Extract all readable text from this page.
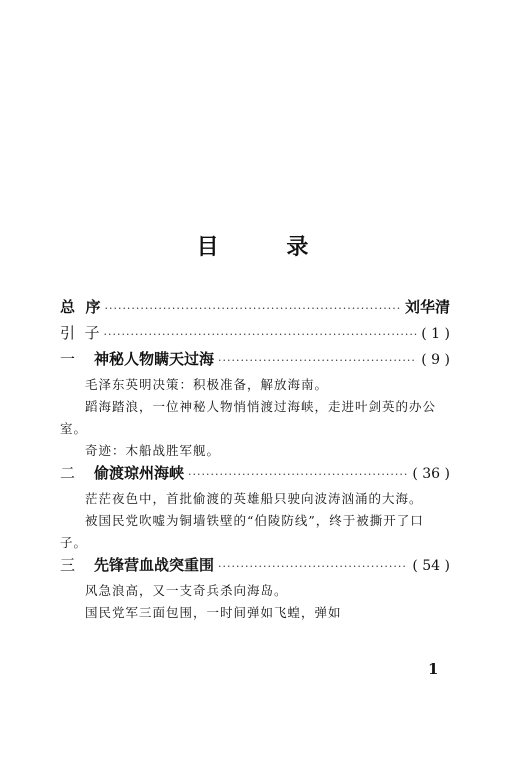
目 录
总  序 ·····	刘华清
引  子 ·····	( 1 )
一	神秘人物瞒天过海 ·····	( 9 )

毛泽东英明决策：积极准备，解放海南。

蹈海踏浪，一位神秘人物悄悄渡过海峡，走进叶剑英的办公室。

奇迹：木船战胜军舰。

二	偷渡琼州海峡 ·····	( 36 )

茫茫夜色中，首批偷渡的英雄船只驶向波涛汹涌的大海。

被国民党吹嘘为铜墙铁壁的“伯陵防线”，终于被撕开了口子。

三	先锋营血战突重围 ·····	( 54 )

风急浪高，又一支奇兵杀向海岛。

国民党军三面包围，一时间弹如飞蝗，弹如

1
